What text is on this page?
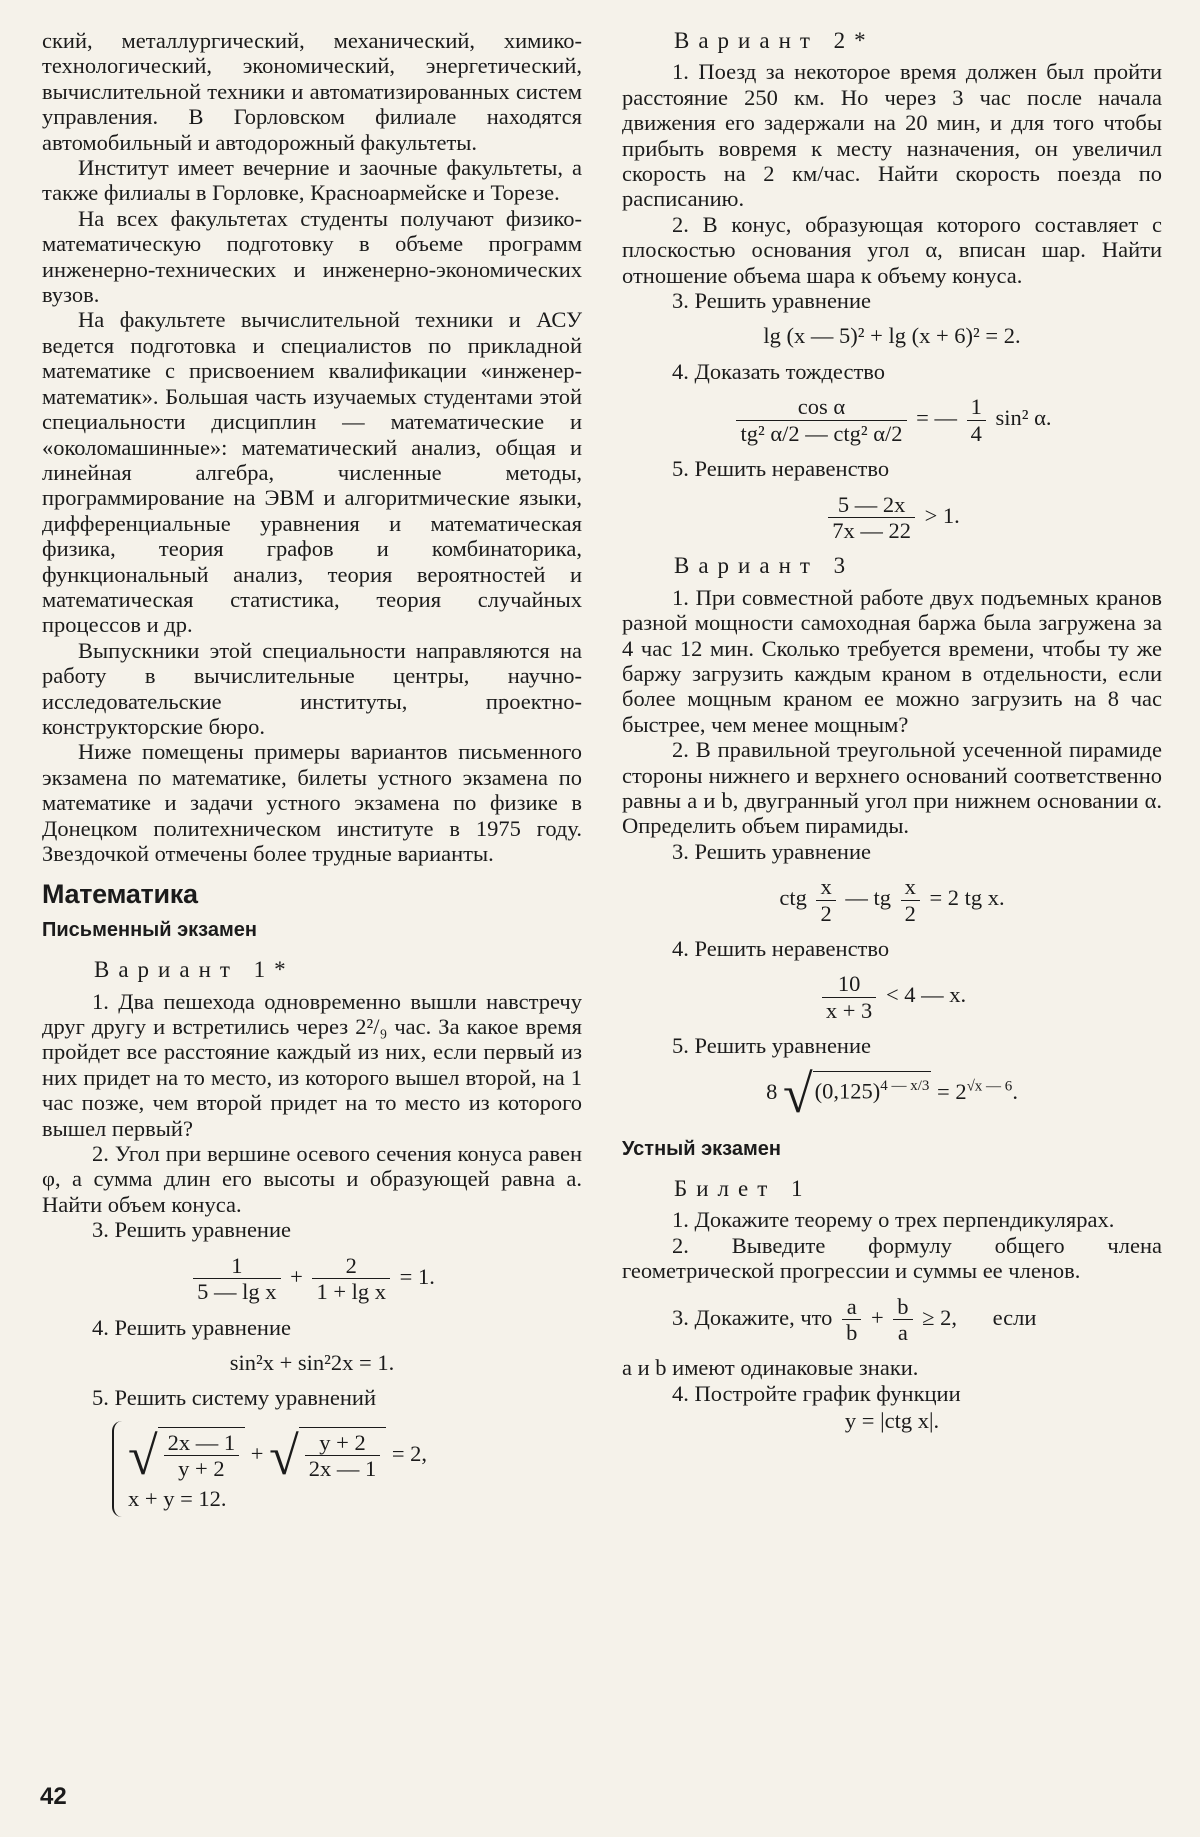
ский, металлургический, механический, химико-технологический, экономический, энергетический, вычислительной техники и автоматизированных систем управления. В Горловском филиале находятся автомобильный и автодорожный факультеты.

Институт имеет вечерние и заочные факультеты, а также филиалы в Горловке, Красноармейске и Торезе.

На всех факультетах студенты получают физико-математическую подготовку в объеме программ инженерно-технических и инженерно-экономических вузов.

На факультете вычислительной техники и АСУ ведется подготовка и специалистов по прикладной математике с присвоением квалификации «инженер-математик». Большая часть изучаемых студентами этой специальности дисциплин — математические и «околомашинные»: математический анализ, общая и линейная алгебра, численные методы, программирование на ЭВМ и алгоритмические языки, дифференциальные уравнения и математическая физика, теория графов и комбинаторика, функциональный анализ, теория вероятностей и математическая статистика, теория случайных процессов и др.

Выпускники этой специальности направляются на работу в вычислительные центры, научно-исследовательские институты, проектно-конструкторские бюро.

Ниже помещены примеры вариантов письменного экзамена по математике, билеты устного экзамена по математике и задачи устного экзамена по физике в Донецком политехническом институте в 1975 году. Звездочкой отмечены более трудные варианты.

Математика
Письменный экзамен
Вариант 1*

1. Два пешехода одновременно вышли навстречу друг другу и встретились через 2²/₉ час. За какое время пройдет все расстояние каждый из них, если первый из них придет на то место, из которого вышел второй, на 1 час позже, чем второй придет на то место из которого вышел первый?

2. Угол при вершине осевого сечения конуса равен φ, а сумма длин его высоты и образующей равна a. Найти объем конуса.

3. Решить уравнение

$\frac{1}{\text{5 — lg x}} + \frac{2}{\text{1 + lg x}} = 1$.

4. Решить уравнение

sin²x + sin²2x = 1.

5. Решить систему уравнений

√ $\frac{2x — 1}{y + 2}$ + √ $\frac{y + 2}{2x — 1} = 2$,
x + y = 12.
Вариант 2*

1. Поезд за некоторое время должен был пройти расстояние 250 км. Но через 3 час после начала движения его задержали на 20 мин, и для того чтобы прибыть вовремя к месту назначения, он увеличил скорость на 2 км/час. Найти скорость поезда по расписанию.

2. В конус, образующая которого составляет с плоскостью основания угол α, вписан шар. Найти отношение объема шара к объему конуса.

3. Решить уравнение

lg (x — 5)² + lg (x + 6)² = 2.

4. Доказать тождество

$\frac{\text{cos α}}{\text{tg² α/2 — ctg² α/2}}$ = — $\frac{1}{4} \sin^2$ α.

5. Решить неравенство

$\frac{5 — 2x}{7x — 22} > 1$.
Вариант 3

1. При совместной работе двух подъемных кранов разной мощности самоходная баржа была загружена за 4 час 12 мин. Сколько требуется времени, чтобы ту же баржу загрузить каждым краном в отдельности, если более мощным краном ее можно загрузить на 8 час быстрее, чем менее мощным?

2. В правильной треугольной усеченной пирамиде стороны нижнего и верхнего оснований соответственно равны a и b, двугранный угол при нижнем основании α. Определить объем пирамиды.

3. Решить уравнение

ctg $\frac{x}{2}$ — tg $\frac{x}{2} = 2$ tg x.

4. Решить неравенство

$\frac{10}{x + 3} < 4$ — x.

5. Решить уравнение

8 $√(0,125)^{4 — x/3} = 2^{√x — 6}$.
Устный экзамен
Билет 1

1. Докажите теорему о трех перпендикулярах.

2. Выведите формулу общего члена геометрической прогрессии и суммы ее членов.

3. Докажите, что $\frac{a}{b} + \frac{b}{a} \ge 2$, если

a и b имеют одинаковые знаки.

4. Постройте график функции

y = |ctg x|.
42
